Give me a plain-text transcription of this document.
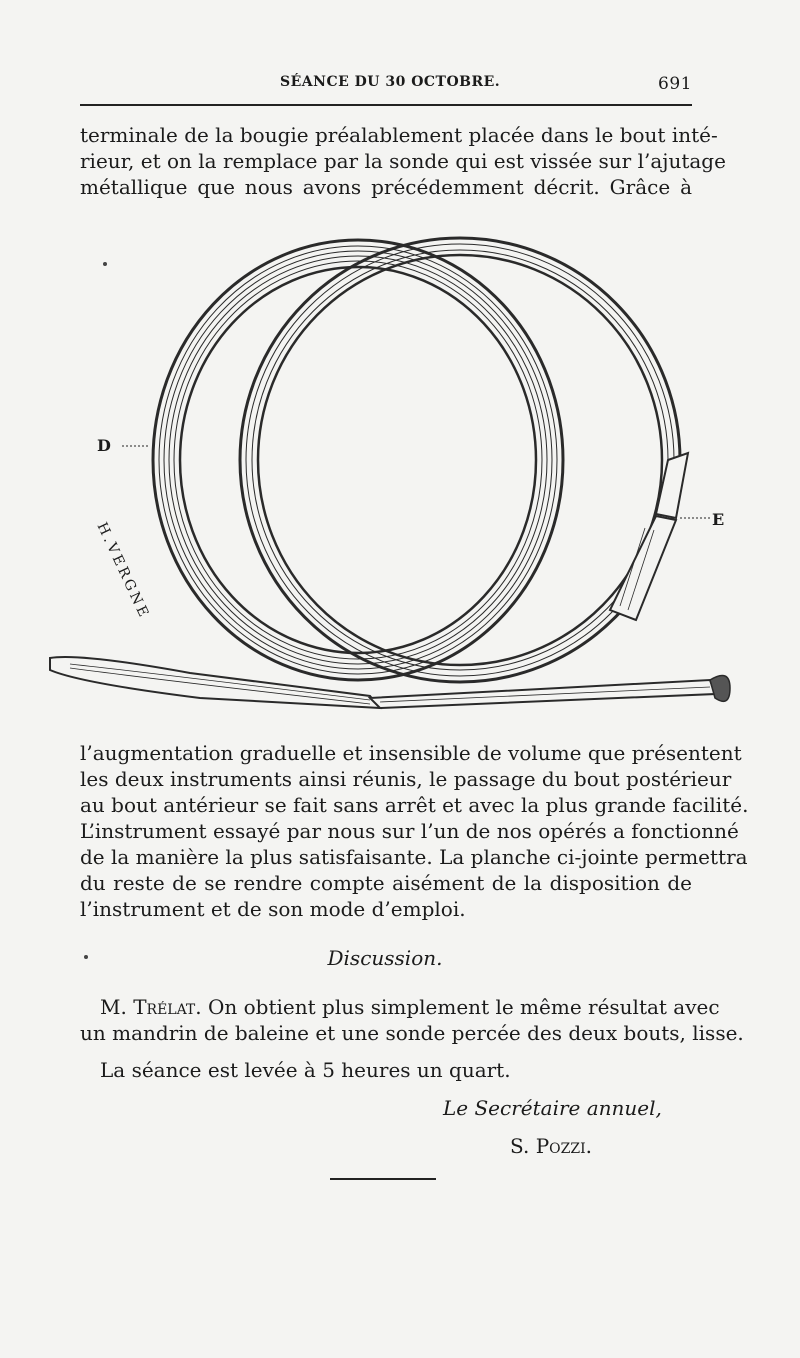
SÉANCE DU 30 OCTOBRE.	691
terminale de la bougie préalablement placée dans le bout inté-
rieur, et on la remplace par la sonde qui est vissée sur l’ajutage
métallique que nous avons précédemment décrit. Grâce à
D
E
H.VERGNE
l’augmentation graduelle et insensible de volume que présentent
les deux instruments ainsi réunis, le passage du bout postérieur
au bout antérieur se fait sans arrêt et avec la plus grande facilité.
L’instrument essayé par nous sur l’un de nos opérés a fonctionné
de la manière la plus satisfaisante. La planche ci-jointe permettra
du reste de se rendre compte aisément de la disposition de
l’instrument et de son mode d’emploi.
Discussion.
M. Trélat. On obtient plus simplement le même résultat avec
un mandrin de baleine et une sonde percée des deux bouts, lisse.
La séance est levée à 5 heures un quart.
Le Secrétaire annuel,
S. Pozzi.
